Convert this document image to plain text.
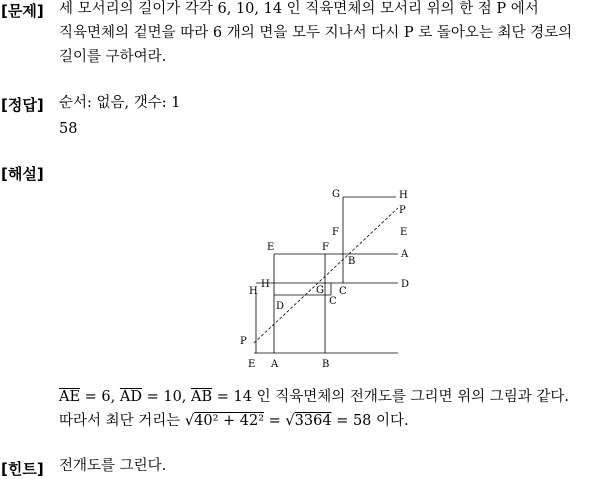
[문제] 세 모서리의 길이가 각각 6, 10, 14 인 직육면체의 모서리 위의 한 점 P 에서
직육면체의 겉면을 따라 6 개의 면을 모두 지나서 다시 P 로 돌아오는 최단 경로의
길이를 구하여라.
[정답] 순서: 없음, 갯수: 1
58
[해설]
G	H
P
E
E	F
F
B
A
H
G C
C
D
H
D
P
E A	B
$\overline{AE} = 6$, $\overline{AD} = 10$, $\overline{AB} = 14$ 인 직육면체의 전개도를 그리면 위의 그림과 같다.
따라서 최단 거리는 √40² + 42² = √3364 = 58 이다.
[힌트] 전개도를 그린다.
